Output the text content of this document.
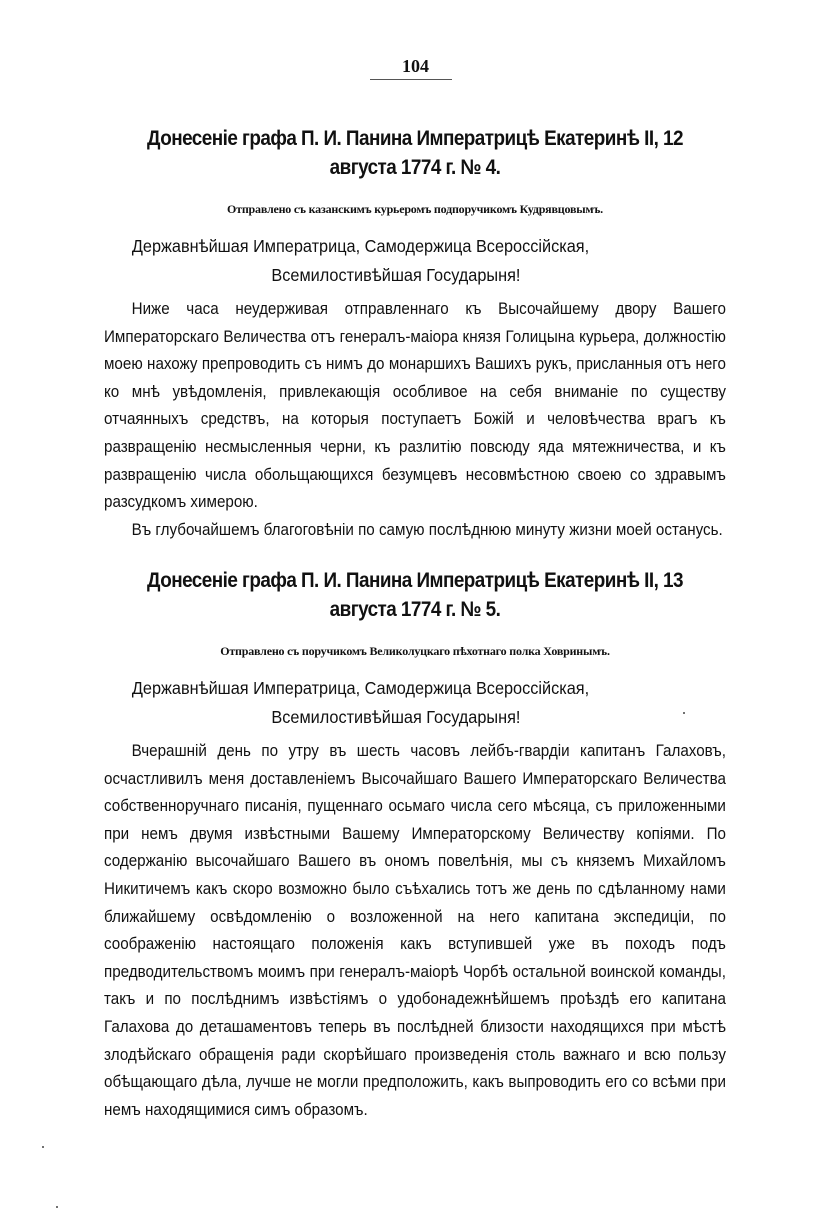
104
Донесеніе графа П. И. Панина Императрицѣ Екатеринѣ II, 12 августа 1774 г. № 4.
Отправлено съ казанскимъ курьеромъ подпоручикомъ Кудрявцовымъ.
Державнѣйшая Императрица, Самодержица Всероссійская,
Всемилостивѣйшая Государыня!

Ниже часа неудерживая отправленнаго къ Высочайшему двору Вашего Императорскаго Величества отъ генералъ-маіора князя Голицына курьера, должностію моею нахожу препроводить съ нимъ до монаршихъ Вашихъ рукъ, присланныя отъ него ко мнѣ увѣдомленія, привлекающія особливое на себя вниманіе по существу отчаянныхъ средствъ, на которыя поступаетъ Божій и человѣчества врагъ къ развращенію несмысленныя черни, къ разлитію повсюду яда мятежничества, и къ развращенію числа обольщающихся безумцевъ несовмѣстною своею со здравымъ разсудкомъ химерою.

Въ глубочайшемъ благоговѣніи по самую послѣднюю минуту жизни моей останусь.

Донесеніе графа П. И. Панина Императрицѣ Екатеринѣ II, 13 августа 1774 г. № 5.
Отправлено съ поручикомъ Великолуцкаго пѣхотнаго полка Ховринымъ.
Державнѣйшая Императрица, Самодержица Всероссійская,
Всемилостивѣйшая Государыня!

Вчерашній день по утру въ шесть часовъ лейбъ-гвардіи капитанъ Галаховъ, осчастливилъ меня доставленіемъ Высочайшаго Вашего Императорскаго Величества собственноручнаго писанія, пущеннаго осьмаго числа сего мѣсяца, съ приложенными при немъ двумя извѣстными Вашему Императорскому Величеству копіями. По содержанію высочайшаго Вашего въ ономъ повелѣнія, мы съ княземъ Михайломъ Никитичемъ какъ скоро возможно было съѣхались тотъ же день по сдѣланному нами ближайшему освѣдомленію о возложенной на него капитана экспедиціи, по соображенію настоящаго положенія какъ вступившей уже въ походъ подъ предводительствомъ моимъ при генералъ-маіорѣ Чорбѣ остальной воинской команды, такъ и по послѣднимъ извѣстіямъ о удобонадежнѣйшемъ проѣздѣ его капитана Галахова до деташаментовъ теперь въ послѣдней близости находящихся при мѣстѣ злодѣйскаго обращенія ради скорѣйшаго произведенія столь важнаго и всю пользу обѣщающаго дѣла, лучше не могли предположить, какъ выпроводить его со всѣми при немъ находящимися симъ образомъ.
